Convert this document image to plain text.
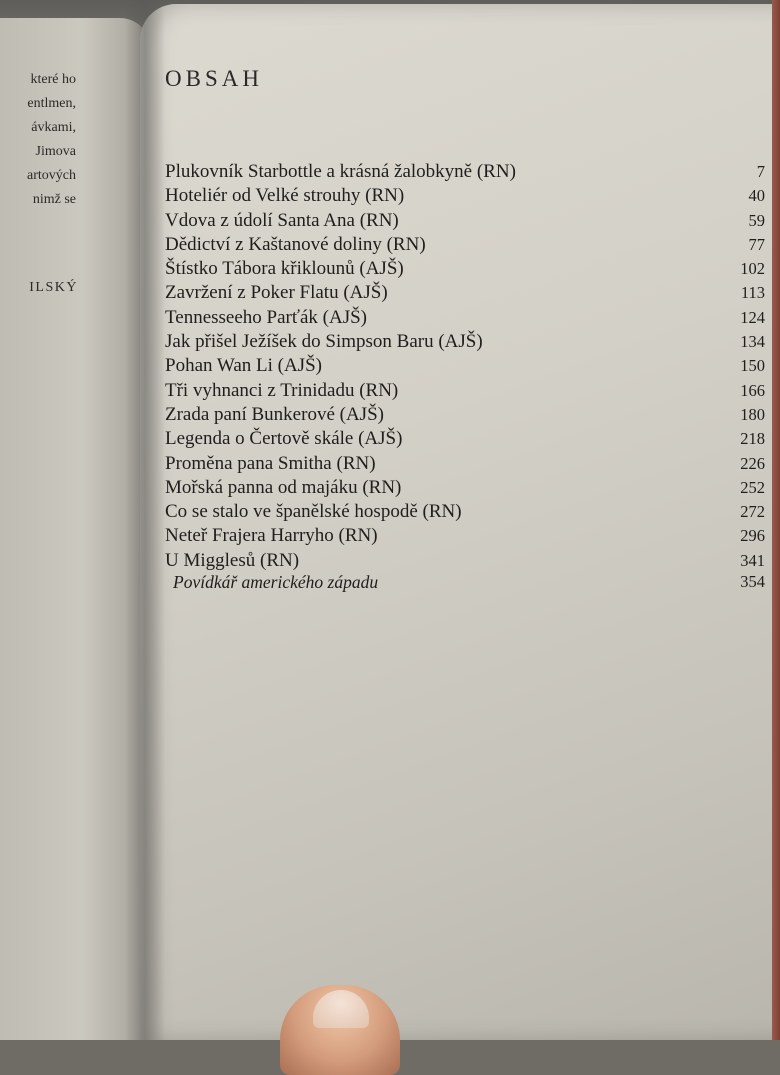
které ho
entlmen,
ávkami,
Jimova
artových
nimž se
ILSKÝ
OBSAH
Plukovník Starbottle a krásná žalobkyně (RN)	7
Hoteliér od Velké strouhy (RN)	40
Vdova z údolí Santa Ana (RN)	59
Dědictví z Kaštanové doliny (RN)	77
Štístko Tábora křiklounů (AJŠ)	102
Zavržení z Poker Flatu (AJŠ)	113
Tennesseeho Parťák (AJŠ)	124
Jak přišel Ježíšek do Simpson Baru (AJŠ)	134
Pohan Wan Li (AJŠ)	150
Tři vyhnanci z Trinidadu (RN)	166
Zrada paní Bunkerové (AJŠ)	180
Legenda o Čertově skále (AJŠ)	218
Proměna pana Smitha (RN)	226
Mořská panna od majáku (RN)	252
Co se stalo ve španělské hospodě (RN)	272
Neteř Frajera Harryho (RN)	296
U Migglesů (RN)	341
Povídkář amerického západu	354
